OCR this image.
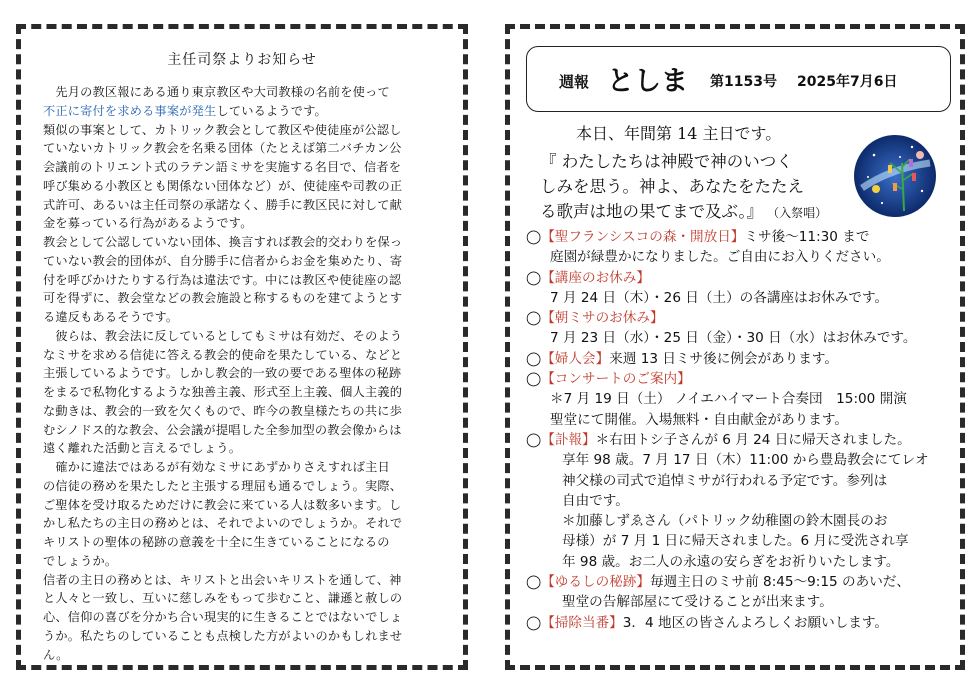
主任司祭よりお知らせ
　先月の教区報にある通り東京教区や大司教様の名前を使って
不正に寄付を求める事案が発生しているようです。
類似の事案として、カトリック教会として教区や使徒座が公認し
ていないカトリック教会を名乗る団体（たとえば第二バチカン公
会議前のトリエント式のラテン語ミサを実施する名目で、信者を
呼び集める小教区とも関係ない団体など）が、使徒座や司教の正
式許可、あるいは主任司祭の承諾なく、勝手に教区民に対して献
金を募っている行為があるようです。
教会として公認していない団体、換言すれば教会的交わりを保っ
ていない教会的団体が、自分勝手に信者からお金を集めたり、寄
付を呼びかけたりする行為は違法です。中には教区や使徒座の認
可を得ずに、教会堂などの教会施設と称するものを建てようとす
る違反もあるそうです。
　彼らは、教会法に反しているとしてもミサは有効だ、そのよう
なミサを求める信徒に答える教会的使命を果たしている、などと
主張しているようです。しかし教会的一致の要である聖体の秘跡
をまるで私物化するような独善主義、形式至上主義、個人主義的
な動きは、教会的一致を欠くもので、昨今の教皇様たちの共に歩
むシノドス的な教会、公会議が提唱した全参加型の教会像からは
遠く離れた活動と言えるでしょう。
　確かに違法ではあるが有効なミサにあずかりさえすれば主日
の信徒の務めを果たしたと主張する理屈も通るでしょう。実際、
ご聖体を受け取るためだけに教会に来ている人は数多います。し
かし私たちの主日の務めとは、それでよいのでしょうか。それで
キリストの聖体の秘跡の意義を十全に生きていることになるの
でしょうか。
信者の主日の務めとは、キリストと出会いキリストを通して、神
と人々と一致し、互いに慈しみをもって歩むこと、謙遜と赦しの
心、信仰の喜びを分かち合い現実的に生きることではないでしょ
うか。私たちのしていることも点検した方がよいのかもしれませ
ん。
週報 としま 第1153号 2025年7月6日
本日、年間第 14 主日です。
『 わたしたちは神殿で神のいつく
しみを思う。神よ、あなたをたたえ
る歌声は地の果てまで及ぶ。』 （入祭唱）
◯【聖フランシスコの森・開放日】ミサ後～11:30 まで
庭園が緑豊かになりました。ご自由にお入りください。
◯【講座のお休み】
7 月 24 日（木）・26 日（土）の各講座はお休みです。
◯【朝ミサのお休み】
7 月 23 日（水）・25 日（金）・30 日（水）はお休みです。
◯【婦人会】来週 13 日ミサ後に例会があります。
◯【コンサートのご案内】
＊7 月 19 日（土） ノイエハイマート合奏団　15:00 開演
聖堂にて開催。入場無料・自由献金があります。
◯【訃報】＊右田トシ子さんが 6 月 24 日に帰天されました。
享年 98 歳。7 月 17 日（木）11:00 から豊島教会にてレオ
神父様の司式で追悼ミサが行われる予定です。参列は
自由です。
＊加藤しずゑさん（パトリック幼稚園の鈴木園長のお
母様）が 7 月 1 日に帰天されました。6 月に受洗され享
年 98 歳。お二人の永遠の安らぎをお祈りいたします。
◯【ゆるしの秘跡】毎週主日のミサ前 8:45～9:15 のあいだ、
聖堂の告解部屋にて受けることが出来ます。
◯【掃除当番】3．4 地区の皆さんよろしくお願いします。
